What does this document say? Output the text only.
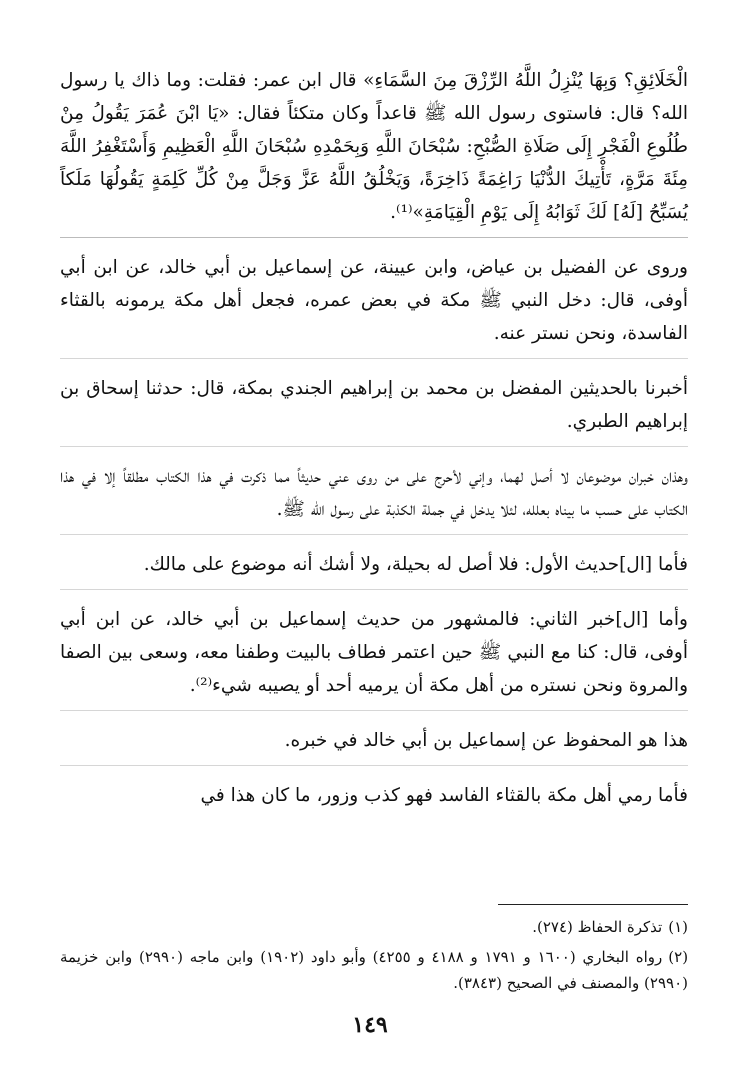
الْخَلَائِقِ؟ وَبِهَا يُنْزِلُ اللَّهُ الرِّزْقَ مِنَ السَّمَاءِ» قال ابن عمر: فقلت: وما ذاك يا رسول الله؟ قال: فاستوى رسول الله ﷺ قاعداً وكان متكئاً فقال: «يَا ابْنَ عُمَرَ يَقُولُ مِنْ طُلُوعِ الْفَجْرِ إِلَى صَلَاةِ الصُّبْحِ: سُبْحَانَ اللَّهِ وَبِحَمْدِهِ سُبْحَانَ اللَّهِ الْعَظِيمِ وَأَسْتَغْفِرُ اللَّهَ مِئَةَ مَرَّةٍ، تَأْتِيكَ الدُّنْيَا رَاغِمَةً ذَاخِرَةً، وَيَخْلُقُ اللَّهُ عَزَّ وَجَلَّ مِنْ كُلِّ كَلِمَةٍ يَقُولُهَا مَلَكاً يُسَبِّحُ [لَهُ] لَكَ ثَوَابُهُ إِلَى يَوْمِ الْقِيَامَةِ»⁽¹⁾.

وروى عن الفضيل بن عياض، وابن عيينة، عن إسماعيل بن أبي خالد، عن ابن أبي أوفى، قال: دخل النبي ﷺ مكة في بعض عمره، فجعل أهل مكة يرمونه بالقثاء الفاسدة، ونحن نستر عنه.

أخبرنا بالحديثين المفضل بن محمد بن إبراهيم الجندي بمكة، قال: حدثنا إسحاق بن إبراهيم الطبري.

وهذان خبران موضوعان لا أصل لهما، وإني لأحرج على من روى عني حديثاً مما ذكرت في هذا الكتاب مطلقاً إلا في هذا الكتاب على حسب ما بيناه بعلله، لئلا يدخل في جملة الكذبة على رسول الله ﷺ.

فأما [ال]حديث الأول: فلا أصل له بحيلة، ولا أشك أنه موضوع على مالك.

وأما [ال]خبر الثاني: فالمشهور من حديث إسماعيل بن أبي خالد، عن ابن أبي أوفى، قال: كنا مع النبي ﷺ حين اعتمر فطاف بالبيت وطفنا معه، وسعى بين الصفا والمروة ونحن نستره من أهل مكة أن يرميه أحد أو يصيبه شيء⁽²⁾.

هذا هو المحفوظ عن إسماعيل بن أبي خالد في خبره.

فأما رمي أهل مكة بالقثاء الفاسد فهو كذب وزور، ما كان هذا في

(١)تذكرة الحفاظ (٢٧٤).

(٢)رواه البخاري (١٦٠٠ و ١٧٩١ و ٤١٨٨ و ٤٢٥٥) وأبو داود (١٩٠٢) وابن ماجه (٢٩٩٠) وابن خزيمة (٢٩٩٠) والمصنف في الصحيح (٣٨٤٣).

١٤٩
